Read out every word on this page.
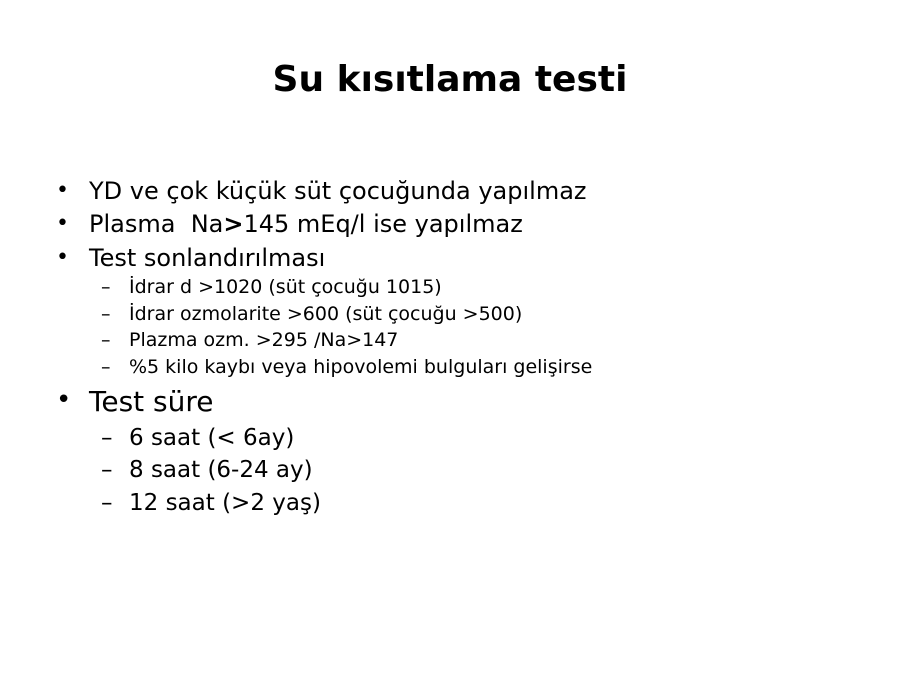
Su kısıtlama testi
• YD ve çok küçük süt çocuğunda yapılmaz
• Plasma  Na>145 mEq/l ise yapılmaz
• Test sonlandırılması
– İdrar d >1020 (süt çocuğu 1015)
– İdrar ozmolarite >600 (süt çocuğu >500)
– Plazma ozm. >295 /Na>147
– %5 kilo kaybı veya hipovolemi bulguları gelişirse
• Test süre
– 6 saat (< 6ay)
– 8 saat (6-24 ay)
– 12 saat (>2 yaş)
